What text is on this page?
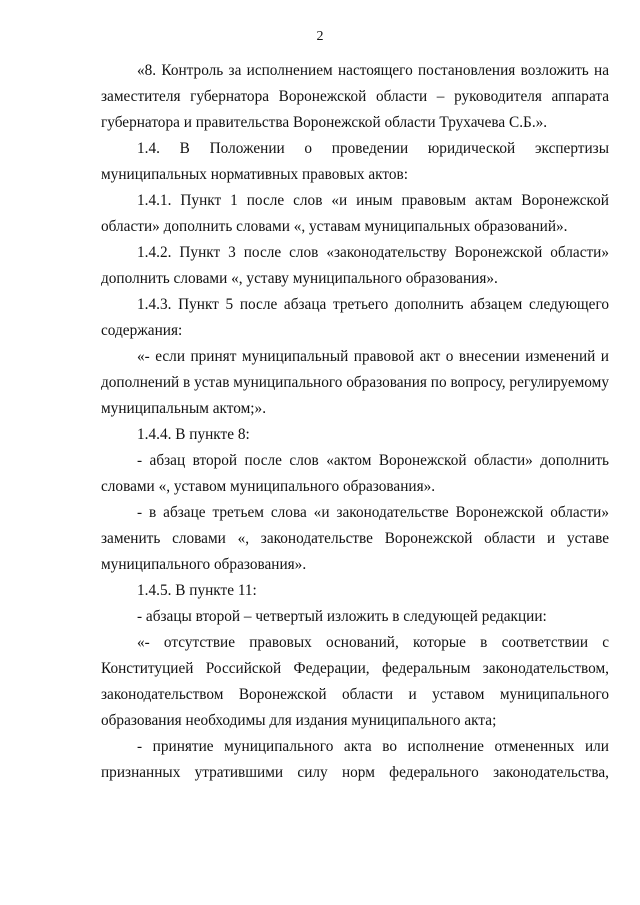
2

«8. Контроль за исполнением настоящего постановления возложить на заместителя губернатора Воронежской области – руководителя аппарата губернатора и правительства Воронежской области Трухачева С.Б.».

1.4. В Положении о проведении юридической экспертизы муниципальных нормативных правовых актов:

1.4.1. Пункт 1 после слов «и иным правовым актам Воронежской области» дополнить словами «, уставам муниципальных образований».

1.4.2. Пункт 3 после слов «законодательству Воронежской области» дополнить словами «, уставу муниципального образования».

1.4.3. Пункт 5 после абзаца третьего дополнить абзацем следующего содержания:

«- если принят муниципальный правовой акт о внесении изменений и дополнений в устав муниципального образования по вопросу, регулируемому муниципальным актом;».

1.4.4. В пункте 8:

- абзац второй после слов «актом Воронежской области» дополнить словами «, уставом муниципального образования».

- в абзаце третьем слова «и законодательстве Воронежской области» заменить словами «, законодательстве Воронежской области и уставе муниципального образования».

1.4.5. В пункте 11:

- абзацы второй – четвертый изложить в следующей редакции:

«- отсутствие правовых оснований, которые в соответствии с Конституцией Российской Федерации, федеральным законодательством, законодательством Воронежской области и уставом муниципального образования необходимы для издания муниципального акта;

- принятие муниципального акта во исполнение отмененных или признанных утратившими силу норм федерального законодательства,
